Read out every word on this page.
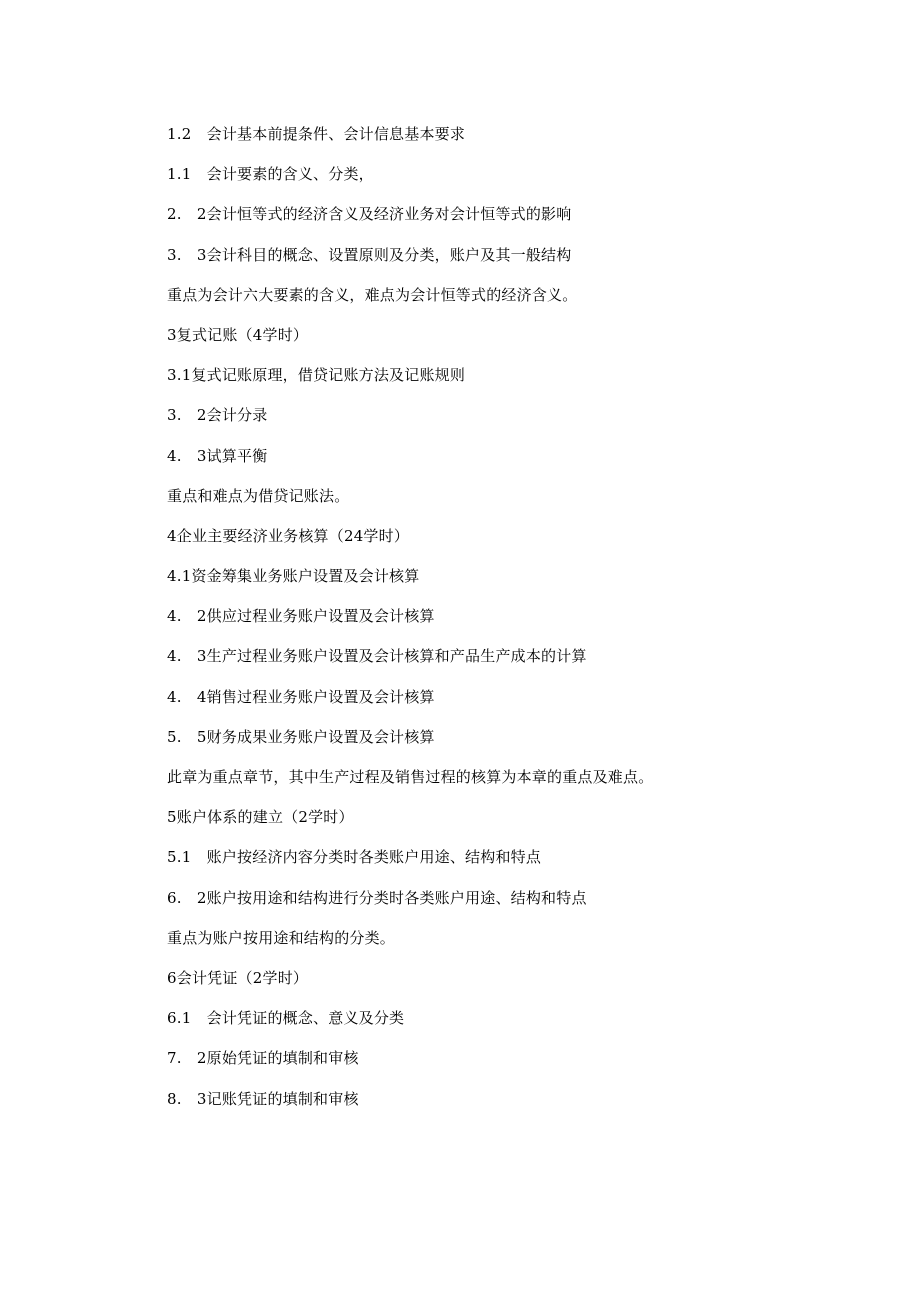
1.2　会计基本前提条件、会计信息基本要求
1.1　会计要素的含义、分类，
2.　2会计恒等式的经济含义及经济业务对会计恒等式的影响
3.　3会计科目的概念、设置原则及分类，账户及其一般结构
重点为会计六大要素的含义，难点为会计恒等式的经济含义。
3复式记账（4学时）
3.1复式记账原理，借贷记账方法及记账规则
3.　2会计分录
4.　3试算平衡
重点和难点为借贷记账法。
4企业主要经济业务核算（24学时）
4.1资金筹集业务账户设置及会计核算
4.　2供应过程业务账户设置及会计核算
4.　3生产过程业务账户设置及会计核算和产品生产成本的计算
4.　4销售过程业务账户设置及会计核算
5.　5财务成果业务账户设置及会计核算
此章为重点章节，其中生产过程及销售过程的核算为本章的重点及难点。
5账户体系的建立（2学时）
5.1　账户按经济内容分类时各类账户用途、结构和特点
6.　2账户按用途和结构进行分类时各类账户用途、结构和特点
重点为账户按用途和结构的分类。
6会计凭证（2学时）
6.1　会计凭证的概念、意义及分类
7.　2原始凭证的填制和审核
8.　3记账凭证的填制和审核
